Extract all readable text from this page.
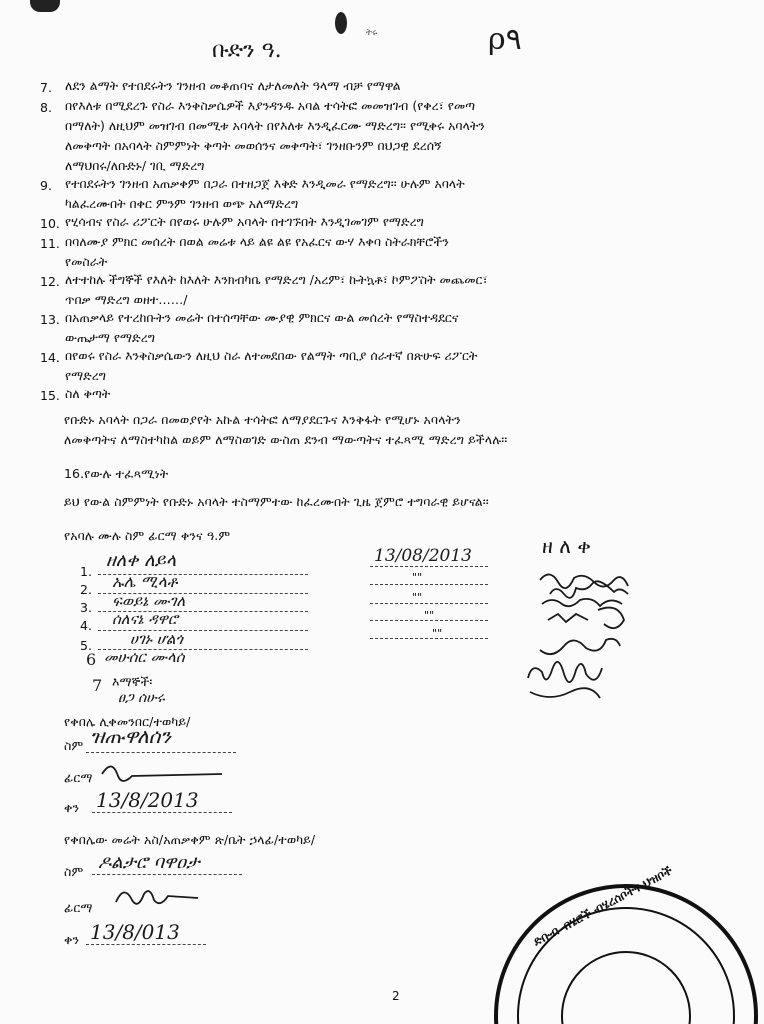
ቡድን ዓ.
ትሩ	ρ۹
7. ለደን ልማት የተበደሩትን ገንዘብ መቆጠባና ለታለመለት ዓላማ ብቻ የማዋል
8. በየእለቱ በሚደረጉ የስራ እንቅስቃሴዎች እያንዳንዱ አባል ተሳትፎ መመዝገብ (የቀረ፣ የመጣ
በማለት) ለዚህም መዝገብ በመሚቱ አባላት በየእለቱ እንዲፈርሙ ማድረግ፡፡ የሚቀሩ አባላትን
ለመቅጣት በአባላት ስምምነት ቅጣት መወሰንና መቅጣት፣ ገንዘቡንም በህጋዊ ደረሰኝ
ለማህበሩ/ለቡድኑ/ ገቢ ማድረግ
9. የተበደሩትን ገንዘብ አጠቃቀም በጋራ በተዘጋጀ እቅድ እንዲመራ የማድረግ፡፡ ሁሉም አባላት
ካልፈረሙበት በቀር ምንም ገንዘብ ወጭ አለማድረግ
10. የሂሳብና የስራ ሪፖርት በየወሩ ሁሉም አባላት በተገኙበት እንዲገመገም የማድረግ
11. በባለሙያ ምክር መሰረት በወል መሬቱ ላይ ልዩ ልዩ የአፈርና ውሃ እቀባ ስትራክቸሮችን
የመስራት
12. ለተተከሉ ችግኞች የእለት ከእለት እንክብካቤ የማድረግ /አረም፣ ኩትኳቶ፣ ኮምፖስት መጨመር፣
ጥበቃ ማድረግ ወዘተ……/
13. በአጠቃላይ የተረከቡትን መሬት በተሰጣቸው ሙያዊ ምክርና ውል መሰረት የማስተዳደርና
ውጤታማ የማድረግ
14. በየወሩ የስራ እንቅስቃሴውን ለዚህ ስራ ለተመደበው የልማት ጣቢያ ሰራተኛ በጽሁፍ ሪፖርት
የማድረግ
15. ስለ ቅጣት
የቡድኑ አባላት በጋራ በመወያየት አኩል ተሳትፎ ለማያደርጉና እንቅፋት የሚሆኑ አባላትን
ለመቅጣትና ለማስተካከል ወይም ለማስወገድ ውስጠ ደንብ ማውጣትና ተፈጻሚ ማድረግ ይችላሉ፡፡
16.የውሉ ተፈጻሚነት
ይህ የውል ስምምነት የቡድኑ አባላት ተስማምተው ከፈረሙበት ጊዜ ጀምሮ ተግባራዊ ይሆናል፡፡
የአባሉ ሙሉ ስም ፊርማ ቀንና ዓ.ም
1.
ዘለቀ ለይላ
2. ኡሌ ሚላቶ
3. ፍወይኔ ሙገለ
4. ሰለናኔ ዳዋሮ
5.	ሀገኑ ሆልጎ
6 መሁሰር ሙላሰ
7 እማኞች፡
ፀጋ ሰሁሩ
13/08/2013
""
""
""
""
ዘ ለ ቀ
የቀበሌ ሊቀመንበር/ተወካይ/
ስም ዝጡዋለሰን
ፊርማ
ቀን 13/8/2013
የቀበሌው መሬት አስ/አጠቃቀም ጽ/ቤት ኃላፊ/ተወካይ/
ስም ዶልታሮ ባዋዐታ
ፊርማ
ቀን 13/8/013
2
ድቡብ ብሄሮች ብሄረሰቦችና ህዝቦች
